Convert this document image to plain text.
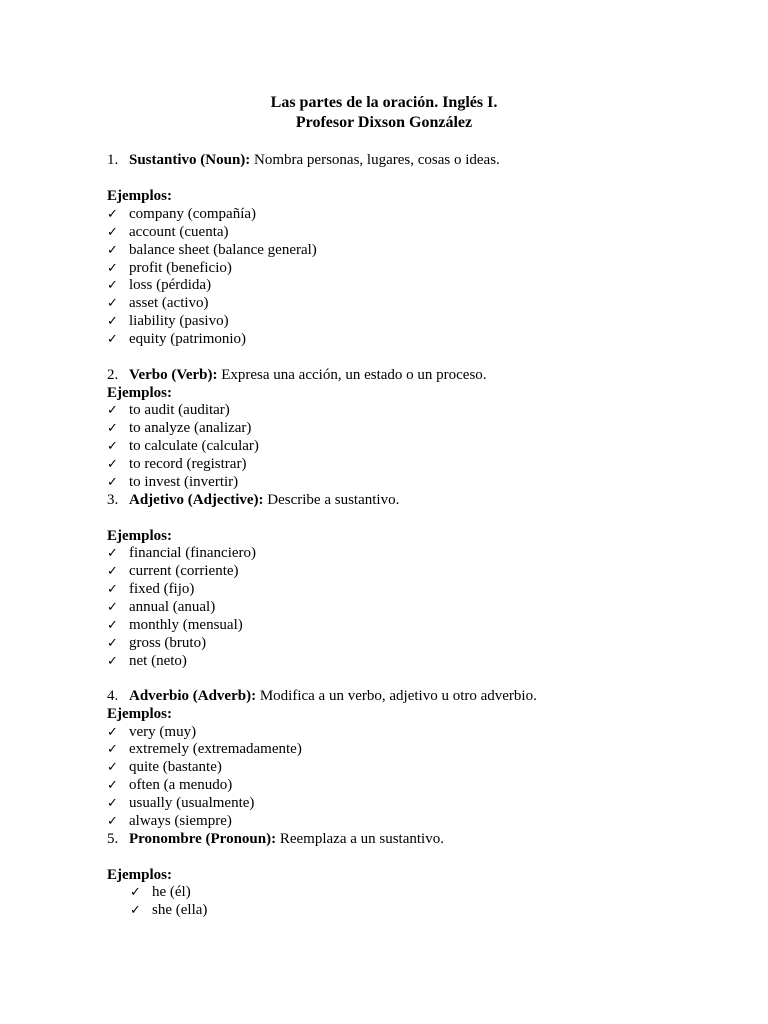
Las partes de la oración. Inglés I.
Profesor Dixson González
1. Sustantivo (Noun): Nombra personas, lugares, cosas o ideas.
Ejemplos:
✓ company (compañía)
✓ account (cuenta)
✓ balance sheet (balance general)
✓ profit (beneficio)
✓ loss (pérdida)
✓ asset (activo)
✓ liability (pasivo)
✓ equity (patrimonio)
2. Verbo (Verb): Expresa una acción, un estado o un proceso.
Ejemplos:
✓ to audit (auditar)
✓ to analyze (analizar)
✓ to calculate (calcular)
✓ to record (registrar)
✓ to invest (invertir)
3. Adjetivo (Adjective): Describe a sustantivo.
Ejemplos:
✓ financial (financiero)
✓ current (corriente)
✓ fixed (fijo)
✓ annual (anual)
✓ monthly (mensual)
✓ gross (bruto)
✓ net (neto)
4. Adverbio (Adverb): Modifica a un verbo, adjetivo u otro adverbio.
Ejemplos:
✓ very (muy)
✓ extremely (extremadamente)
✓ quite (bastante)
✓ often (a menudo)
✓ usually (usualmente)
✓ always (siempre)
5. Pronombre (Pronoun): Reemplaza a un sustantivo.
Ejemplos:
✓ he (él)
✓ she (ella)
